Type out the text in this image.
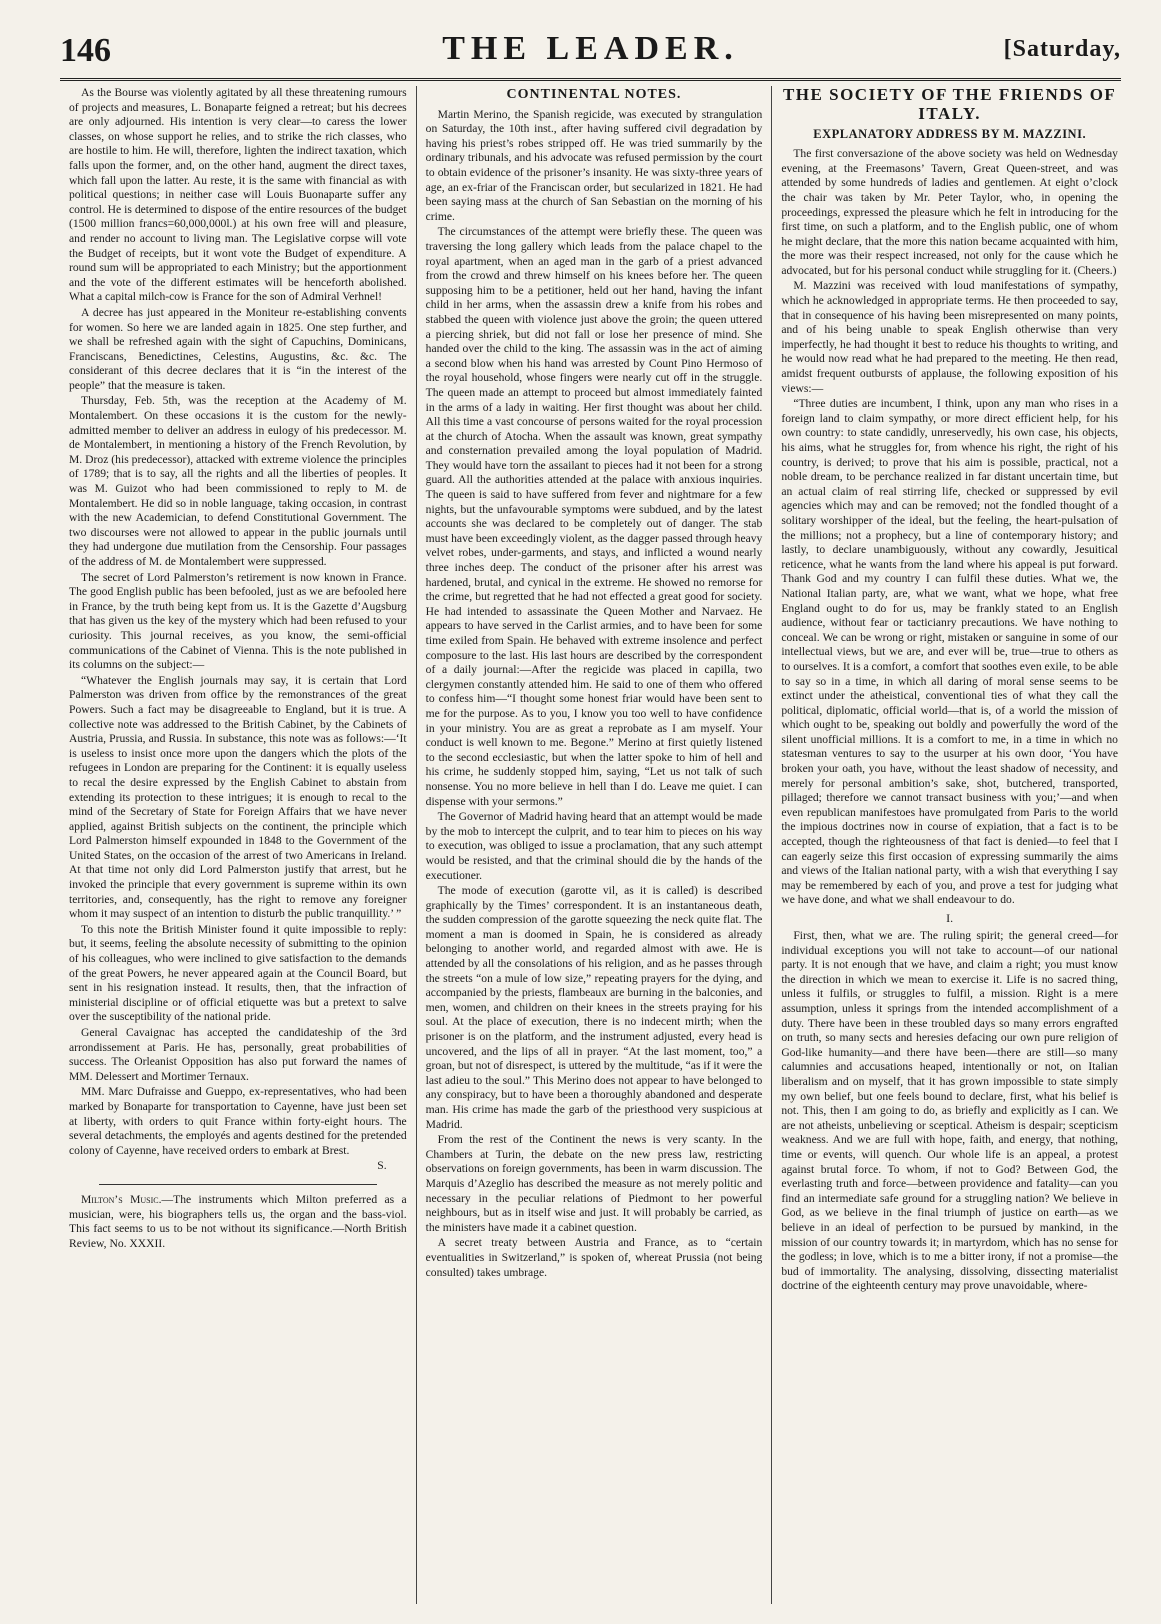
146	THE LEADER.	[Saturday,

As the Bourse was violently agitated by all these threatening rumours of projects and measures, L. Bonaparte feigned a retreat; but his decrees are only adjourned. His intention is very clear—to caress the lower classes, on whose support he relies, and to strike the rich classes, who are hostile to him. He will, therefore, lighten the indirect taxation, which falls upon the former, and, on the other hand, augment the direct taxes, which fall upon the latter. Au reste, it is the same with financial as with political questions; in neither case will Louis Buonaparte suffer any control. He is determined to dispose of the entire resources of the budget (1500 million francs=60,000,000l.) at his own free will and pleasure, and render no account to living man. The Legislative corpse will vote the Budget of receipts, but it wont vote the Budget of expenditure. A round sum will be appropriated to each Ministry; but the apportionment and the vote of the different estimates will be henceforth abolished. What a capital milch-cow is France for the son of Admiral Verhnel!

A decree has just appeared in the Moniteur re-establishing convents for women. So here we are landed again in 1825. One step further, and we shall be refreshed again with the sight of Capuchins, Dominicans, Franciscans, Benedictines, Celestins, Augustins, &c. &c. The considerant of this decree declares that it is “in the interest of the people” that the measure is taken.

Thursday, Feb. 5th, was the reception at the Academy of M. Montalembert. On these occasions it is the custom for the newly-admitted member to deliver an address in eulogy of his predecessor. M. de Montalembert, in mentioning a history of the French Revolution, by M. Droz (his predecessor), attacked with extreme violence the principles of 1789; that is to say, all the rights and all the liberties of peoples. It was M. Guizot who had been commissioned to reply to M. de Montalembert. He did so in noble language, taking occasion, in contrast with the new Academician, to defend Constitutional Government. The two discourses were not allowed to appear in the public journals until they had undergone due mutilation from the Censorship. Four passages of the address of M. de Montalembert were suppressed.

The secret of Lord Palmerston’s retirement is now known in France. The good English public has been befooled, just as we are befooled here in France, by the truth being kept from us. It is the Gazette d’Augsburg that has given us the key of the mystery which had been refused to your curiosity. This journal receives, as you know, the semi-official communications of the Cabinet of Vienna. This is the note published in its columns on the subject:—

“Whatever the English journals may say, it is certain that Lord Palmerston was driven from office by the remonstrances of the great Powers. Such a fact may be disagreeable to England, but it is true. A collective note was addressed to the British Cabinet, by the Cabinets of Austria, Prussia, and Russia. In substance, this note was as follows:—‘It is useless to insist once more upon the dangers which the plots of the refugees in London are preparing for the Continent: it is equally useless to recal the desire expressed by the English Cabinet to abstain from extending its protection to these intrigues; it is enough to recal to the mind of the Secretary of State for Foreign Affairs that we have never applied, against British subjects on the continent, the principle which Lord Palmerston himself expounded in 1848 to the Government of the United States, on the occasion of the arrest of two Americans in Ireland. At that time not only did Lord Palmerston justify that arrest, but he invoked the principle that every government is supreme within its own territories, and, consequently, has the right to remove any foreigner whom it may suspect of an intention to disturb the public tranquillity.’ ”

To this note the British Minister found it quite impossible to reply: but, it seems, feeling the absolute necessity of submitting to the opinion of his colleagues, who were inclined to give satisfaction to the demands of the great Powers, he never appeared again at the Council Board, but sent in his resignation instead. It results, then, that the infraction of ministerial discipline or of official etiquette was but a pretext to salve over the susceptibility of the national pride.

General Cavaignac has accepted the candidateship of the 3rd arrondissement at Paris. He has, personally, great probabilities of success. The Orleanist Opposition has also put forward the names of MM. Delessert and Mortimer Ternaux.

MM. Marc Dufraisse and Gueppo, ex-representatives, who had been marked by Bonaparte for transportation to Cayenne, have just been set at liberty, with orders to quit France within forty-eight hours. The several detachments, the employés and agents destined for the pretended colony of Cayenne, have received orders to embark at Brest.

S.

Milton’s Music.—The instruments which Milton preferred as a musician, were, his biographers tells us, the organ and the bass-viol. This fact seems to us to be not without its significance.—North British Review, No. XXXII.

CONTINENTAL NOTES.

Martin Merino, the Spanish regicide, was executed by strangulation on Saturday, the 10th inst., after having suffered civil degradation by having his priest’s robes stripped off. He was tried summarily by the ordinary tribunals, and his advocate was refused permission by the court to obtain evidence of the prisoner’s insanity. He was sixty-three years of age, an ex-friar of the Franciscan order, but secularized in 1821. He had been saying mass at the church of San Sebastian on the morning of his crime.

The circumstances of the attempt were briefly these. The queen was traversing the long gallery which leads from the palace chapel to the royal apartment, when an aged man in the garb of a priest advanced from the crowd and threw himself on his knees before her. The queen supposing him to be a petitioner, held out her hand, having the infant child in her arms, when the assassin drew a knife from his robes and stabbed the queen with violence just above the groin; the queen uttered a piercing shriek, but did not fall or lose her presence of mind. She handed over the child to the king. The assassin was in the act of aiming a second blow when his hand was arrested by Count Pino Hermoso of the royal household, whose fingers were nearly cut off in the struggle. The queen made an attempt to proceed but almost immediately fainted in the arms of a lady in waiting. Her first thought was about her child. All this time a vast concourse of persons waited for the royal procession at the church of Atocha. When the assault was known, great sympathy and consternation prevailed among the loyal population of Madrid. They would have torn the assailant to pieces had it not been for a strong guard. All the authorities attended at the palace with anxious inquiries. The queen is said to have suffered from fever and nightmare for a few nights, but the unfavourable symptoms were subdued, and by the latest accounts she was declared to be completely out of danger. The stab must have been exceedingly violent, as the dagger passed through heavy velvet robes, under-garments, and stays, and inflicted a wound nearly three inches deep. The conduct of the prisoner after his arrest was hardened, brutal, and cynical in the extreme. He showed no remorse for the crime, but regretted that he had not effected a great good for society. He had intended to assassinate the Queen Mother and Narvaez. He appears to have served in the Carlist armies, and to have been for some time exiled from Spain. He behaved with extreme insolence and perfect composure to the last. His last hours are described by the correspondent of a daily journal:—After the regicide was placed in capilla, two clergymen constantly attended him. He said to one of them who offered to confess him—“I thought some honest friar would have been sent to me for the purpose. As to you, I know you too well to have confidence in your ministry. You are as great a reprobate as I am myself. Your conduct is well known to me. Begone.” Merino at first quietly listened to the second ecclesiastic, but when the latter spoke to him of hell and his crime, he suddenly stopped him, saying, “Let us not talk of such nonsense. You no more believe in hell than I do. Leave me quiet. I can dispense with your sermons.”

The Governor of Madrid having heard that an attempt would be made by the mob to intercept the culprit, and to tear him to pieces on his way to execution, was obliged to issue a proclamation, that any such attempt would be resisted, and that the criminal should die by the hands of the executioner.

The mode of execution (garotte vil, as it is called) is described graphically by the Times’ correspondent. It is an instantaneous death, the sudden compression of the garotte squeezing the neck quite flat. The moment a man is doomed in Spain, he is considered as already belonging to another world, and regarded almost with awe. He is attended by all the consolations of his religion, and as he passes through the streets “on a mule of low size,” repeating prayers for the dying, and accompanied by the priests, flambeaux are burning in the balconies, and men, women, and children on their knees in the streets praying for his soul. At the place of execution, there is no indecent mirth; when the prisoner is on the platform, and the instrument adjusted, every head is uncovered, and the lips of all in prayer. “At the last moment, too,” a groan, but not of disrespect, is uttered by the multitude, “as if it were the last adieu to the soul.” This Merino does not appear to have belonged to any conspiracy, but to have been a thoroughly abandoned and desperate man. His crime has made the garb of the priesthood very suspicious at Madrid.

From the rest of the Continent the news is very scanty. In the Chambers at Turin, the debate on the new press law, restricting observations on foreign governments, has been in warm discussion. The Marquis d’Azeglio has described the measure as not merely politic and necessary in the peculiar relations of Piedmont to her powerful neighbours, but as in itself wise and just. It will probably be carried, as the ministers have made it a cabinet question.

A secret treaty between Austria and France, as to “certain eventualities in Switzerland,” is spoken of, whereat Prussia (not being consulted) takes umbrage.

THE SOCIETY OF THE FRIENDS OF ITALY.
EXPLANATORY ADDRESS BY M. MAZZINI.

The first conversazione of the above society was held on Wednesday evening, at the Freemasons’ Tavern, Great Queen-street, and was attended by some hundreds of ladies and gentlemen. At eight o’clock the chair was taken by Mr. Peter Taylor, who, in opening the proceedings, expressed the pleasure which he felt in introducing for the first time, on such a platform, and to the English public, one of whom he might declare, that the more this nation became acquainted with him, the more was their respect increased, not only for the cause which he advocated, but for his personal conduct while struggling for it. (Cheers.)

M. Mazzini was received with loud manifestations of sympathy, which he acknowledged in appropriate terms. He then proceeded to say, that in consequence of his having been misrepresented on many points, and of his being unable to speak English otherwise than very imperfectly, he had thought it best to reduce his thoughts to writing, and he would now read what he had prepared to the meeting. He then read, amidst frequent outbursts of applause, the following exposition of his views:—

“Three duties are incumbent, I think, upon any man who rises in a foreign land to claim sympathy, or more direct efficient help, for his own country: to state candidly, unreservedly, his own case, his objects, his aims, what he struggles for, from whence his right, the right of his country, is derived; to prove that his aim is possible, practical, not a noble dream, to be perchance realized in far distant uncertain time, but an actual claim of real stirring life, checked or suppressed by evil agencies which may and can be removed; not the fondled thought of a solitary worshipper of the ideal, but the feeling, the heart-pulsation of the millions; not a prophecy, but a line of contemporary history; and lastly, to declare unambiguously, without any cowardly, Jesuitical reticence, what he wants from the land where his appeal is put forward. Thank God and my country I can fulfil these duties. What we, the National Italian party, are, what we want, what we hope, what free England ought to do for us, may be frankly stated to an English audience, without fear or tacticianry precautions. We have nothing to conceal. We can be wrong or right, mistaken or sanguine in some of our intellectual views, but we are, and ever will be, true—true to others as to ourselves. It is a comfort, a comfort that soothes even exile, to be able to say so in a time, in which all daring of moral sense seems to be extinct under the atheistical, conventional ties of what they call the political, diplomatic, official world—that is, of a world the mission of which ought to be, speaking out boldly and powerfully the word of the silent unofficial millions. It is a comfort to me, in a time in which no statesman ventures to say to the usurper at his own door, ‘You have broken your oath, you have, without the least shadow of necessity, and merely for personal ambition’s sake, shot, butchered, transported, pillaged; therefore we cannot transact business with you;’—and when even republican manifestoes have promulgated from Paris to the world the impious doctrines now in course of expiation, that a fact is to be accepted, though the righteousness of that fact is denied—to feel that I can eagerly seize this first occasion of expressing summarily the aims and views of the Italian national party, with a wish that everything I say may be remembered by each of you, and prove a test for judging what we have done, and what we shall endeavour to do.

I.

First, then, what we are. The ruling spirit; the general creed—for individual exceptions you will not take to account—of our national party. It is not enough that we have, and claim a right; you must know the direction in which we mean to exercise it. Life is no sacred thing, unless it fulfils, or struggles to fulfil, a mission. Right is a mere assumption, unless it springs from the intended accomplishment of a duty. There have been in these troubled days so many errors engrafted on truth, so many sects and heresies defacing our own pure religion of God-like humanity—and there have been—there are still—so many calumnies and accusations heaped, intentionally or not, on Italian liberalism and on myself, that it has grown impossible to state simply my own belief, but one feels bound to declare, first, what his belief is not. This, then I am going to do, as briefly and explicitly as I can. We are not atheists, unbelieving or sceptical. Atheism is despair; scepticism weakness. And we are full with hope, faith, and energy, that nothing, time or events, will quench. Our whole life is an appeal, a protest against brutal force. To whom, if not to God? Between God, the everlasting truth and force—between providence and fatality—can you find an intermediate safe ground for a struggling nation? We believe in God, as we believe in the final triumph of justice on earth—as we believe in an ideal of perfection to be pursued by mankind, in the mission of our country towards it; in martyrdom, which has no sense for the godless; in love, which is to me a bitter irony, if not a promise—the bud of immortality. The analysing, dissolving, dissecting materialist doctrine of the eighteenth century may prove unavoidable, where-
